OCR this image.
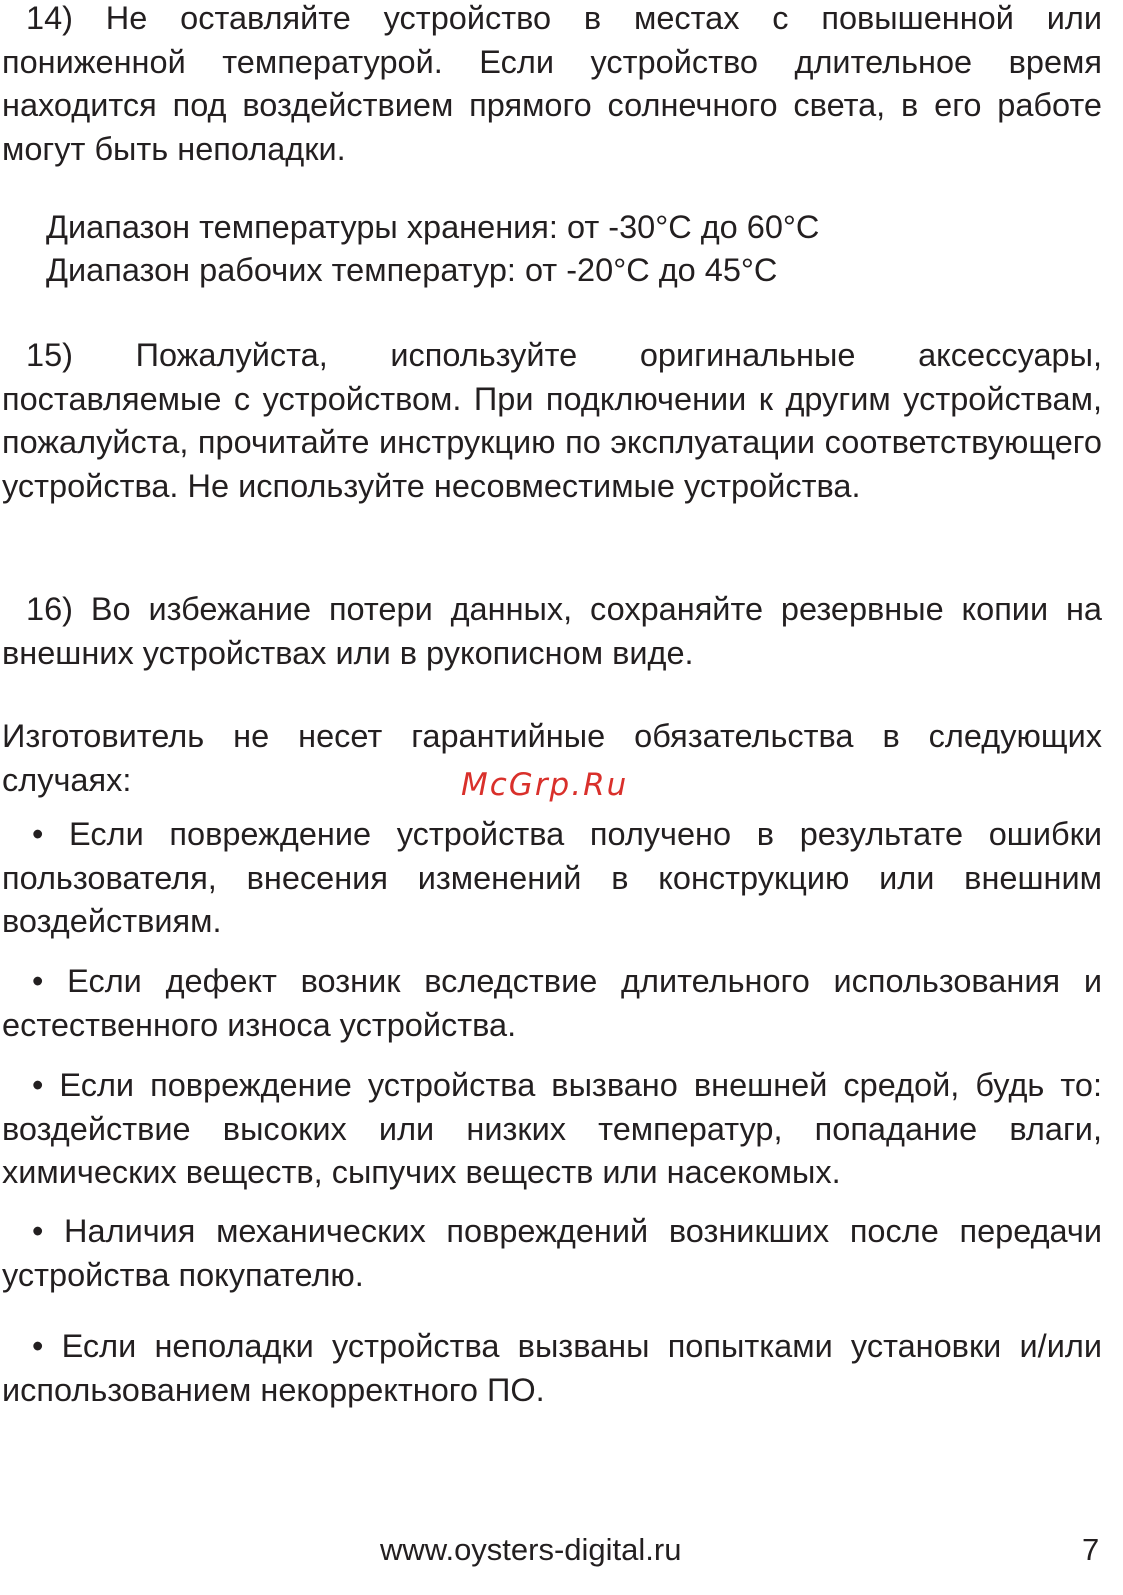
14) Не оставляйте устройство в местах с повышенной или пониженной температурой. Если устройство длительное время находится под воздействием прямого солнечного света, в его работе могут быть неполадки.

Диапазон температуры хранения: от -30°С до 60°С

Диапазон рабочих температур: от -20°С до 45°С

15) Пожалуйста, используйте оригинальные аксессуары, поставляемые с устройством. При подключении к другим устройствам, пожалуйста, прочитайте инструкцию по эксплуатации соответствующего устройства. Не используйте несовместимые устройства.

16) Во избежание потери данных, сохраняйте резервные копии на внешних устройствах или в рукописном виде.

Изготовитель не несет гарантийные обязательства в следующих случаях:	McGrp.Ru

• Если повреждение устройства получено в результате ошибки пользователя, внесения изменений в конструкцию или внешним воздействиям.

• Если дефект возник вследствие длительного использования и естественного износа устройства.

• Если повреждение устройства вызвано внешней средой, будь то: воздействие высоких или низких температур, попадание влаги, химических веществ, сыпучих веществ или насекомых.

• Наличия механических повреждений возникших после передачи устройства покупателю.

• Если неполадки устройства вызваны попытками установки и/или использованием некорректного ПО.

www.oysters-digital.ru	7
